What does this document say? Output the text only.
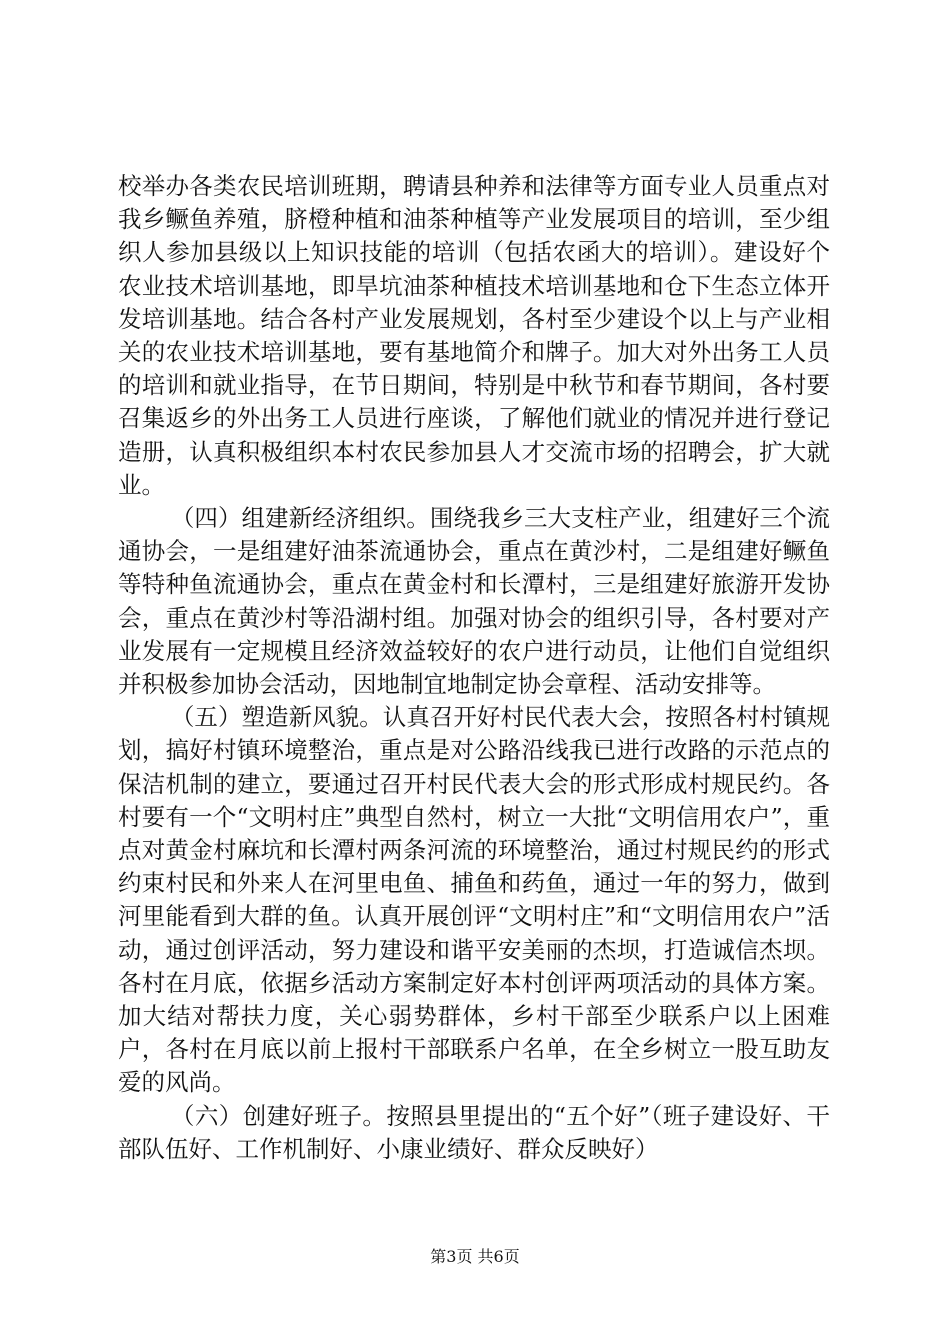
校举办各类农民培训班期，聘请县种养和法律等方面专业人员重点对我乡鳜鱼养殖，脐橙种植和油茶种植等产业发展项目的培训，至少组织人参加县级以上知识技能的培训（包括农函大的培训）。建设好个农业技术培训基地，即旱坑油茶种植技术培训基地和仓下生态立体开发培训基地。结合各村产业发展规划，各村至少建设个以上与产业相关的农业技术培训基地，要有基地简介和牌子。加大对外出务工人员的培训和就业指导，在节日期间，特别是中秋节和春节期间，各村要召集返乡的外出务工人员进行座谈，了解他们就业的情况并进行登记造册，认真积极组织本村农民参加县人才交流市场的招聘会，扩大就业。

（四）组建新经济组织。围绕我乡三大支柱产业，组建好三个流通协会，一是组建好油茶流通协会，重点在黄沙村，二是组建好鳜鱼等特种鱼流通协会，重点在黄金村和长潭村，三是组建好旅游开发协会，重点在黄沙村等沿湖村组。加强对协会的组织引导，各村要对产业发展有一定规模且经济效益较好的农户进行动员，让他们自觉组织并积极参加协会活动，因地制宜地制定协会章程、活动安排等。

（五）塑造新风貌。认真召开好村民代表大会，按照各村村镇规划，搞好村镇环境整治，重点是对公路沿线我已进行改路的示范点的保洁机制的建立，要通过召开村民代表大会的形式形成村规民约。各村要有一个“文明村庄”典型自然村，树立一大批“文明信用农户”，重点对黄金村麻坑和长潭村两条河流的环境整治，通过村规民约的形式约束村民和外来人在河里电鱼、捕鱼和药鱼，通过一年的努力，做到河里能看到大群的鱼。认真开展创评“文明村庄”和“文明信用农户”活动，通过创评活动，努力建设和谐平安美丽的杰坝，打造诚信杰坝。各村在月底，依据乡活动方案制定好本村创评两项活动的具体方案。加大结对帮扶力度，关心弱势群体，乡村干部至少联系户以上困难户，各村在月底以前上报村干部联系户名单，在全乡树立一股互助友爱的风尚。

（六）创建好班子。按照县里提出的“五个好”（班子建设好、干部队伍好、工作机制好、小康业绩好、群众反映好）

第3页 共6页
